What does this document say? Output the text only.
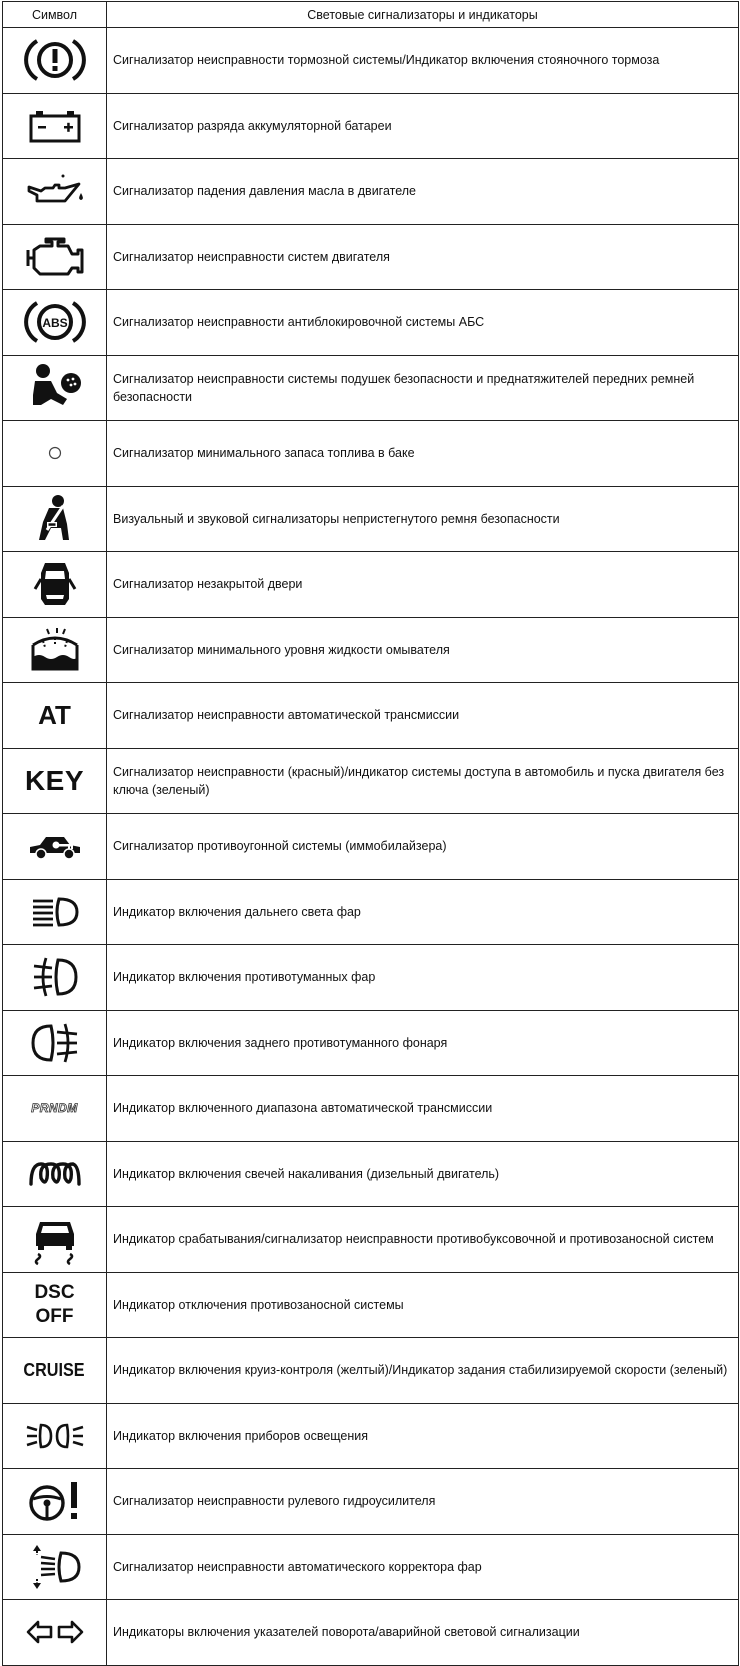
Символ	Световые сигнализаторы и индикаторы

	Сигнализатор неисправности тормозной системы/Индикатор включения стояночного тормоза

	Сигнализатор разряда аккумуляторной батареи

	Сигнализатор падения давления масла в двигателе

	Сигнализатор неисправности систем двигателя

ABS	Сигнализатор неисправности антиблокировочной системы АБС

	Сигнализатор неисправности системы подушек безопасности и преднатяжителей передних ремней безопасности

	Сигнализатор минимального запаса топлива в баке

	Визуальный и звуковой сигнализаторы непристегнутого ремня безопасности

	Сигнализатор незакрытой двери

	Сигнализатор минимального уровня жидкости омывателя
AT	Сигнализатор неисправности автоматической трансмиссии
KEY	Сигнализатор неисправности (красный)/индикатор системы доступа в автомобиль и пуска двигателя без ключа (зеленый)

	Сигнализатор противоугонной системы (иммобилайзера)

	Индикатор включения дальнего света фар

	Индикатор включения противотуманных фар

	Индикатор включения заднего противотуманного фонаря
PRNDM	Индикатор включенного диапазона автоматической трансмиссии

	Индикатор включения свечей накаливания (дизельный двигатель)

	Индикатор срабатывания/сигнализатор неисправности противобуксовочной и противозаносной систем

DSC
OFF	Индикатор отключения противозаносной системы
CRUISE	Индикатор включения круиз-контроля (желтый)/Индикатор задания стабилизируемой скорости (зеленый)

	Индикатор включения приборов освещения

	Сигнализатор неисправности рулевого гидроусилителя

	Сигнализатор неисправности автоматического корректора фар

	Индикаторы включения указателей поворота/аварийной световой сигнализации
